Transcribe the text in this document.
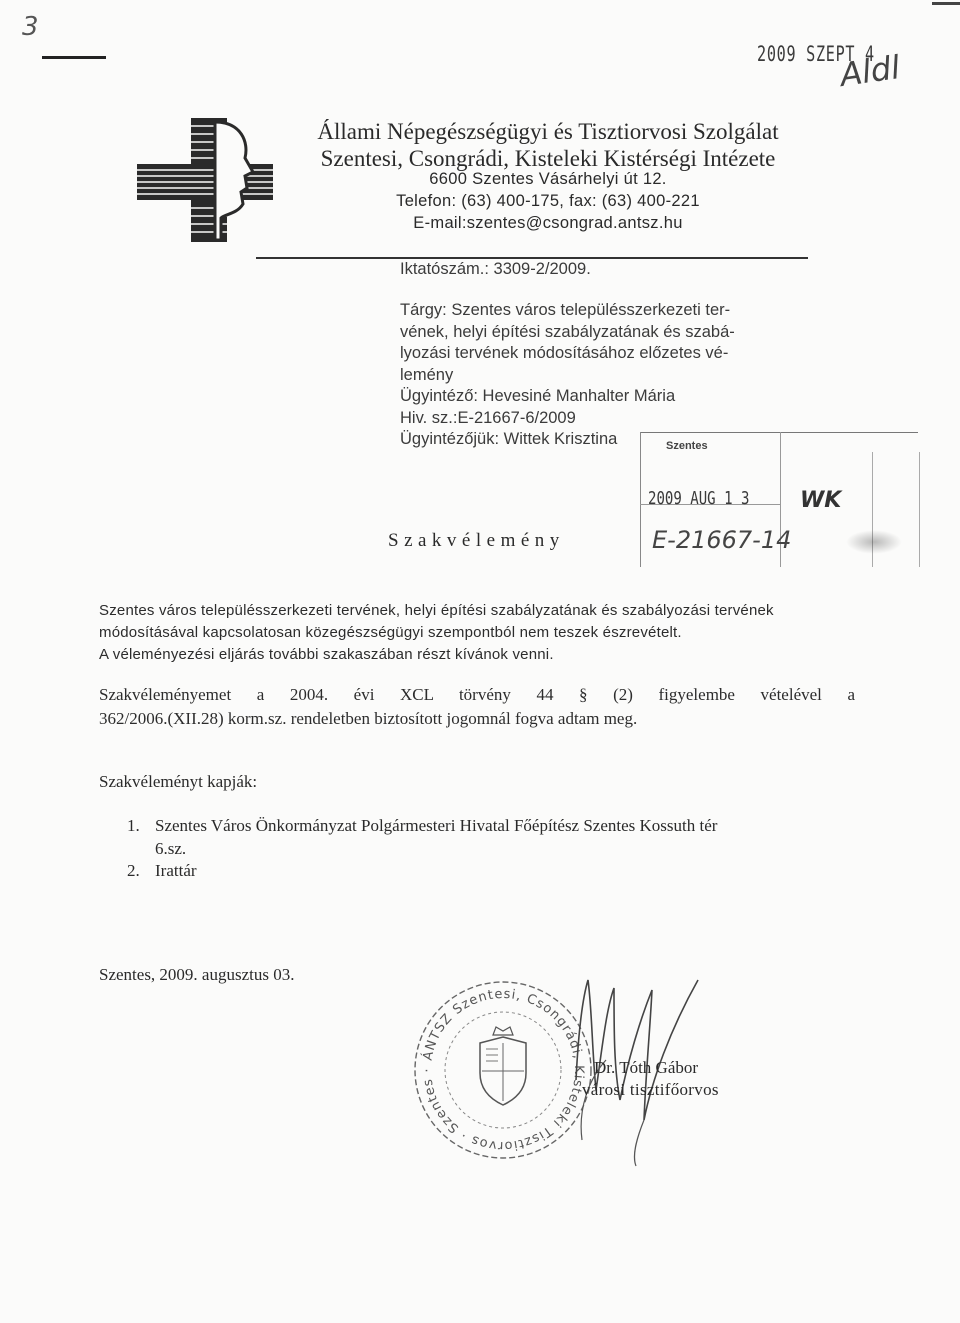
3
2009 SZEPT 4
Aldl
Állami Népegészségügyi és Tisztiorvosi Szolgálat
Szentesi, Csongrádi, Kisteleki Kistérségi Intézete
6600 Szentes Vásárhelyi út 12.
Telefon: (63) 400-175, fax: (63) 400-221
E-mail:szentes@csongrad.antsz.hu
Iktatószám.: 3309-2/2009.
Tárgy: Szentes város településszerkezeti ter-
vének, helyi építési szabályzatának és szabá-
lyozási tervének módosításához előzetes vé-
lemény
Ügyintéző: Hevesiné Manhalter Mária
Hiv. sz.:E-21667-6/2009
Ügyintézőjük: Wittek Krisztina	Szentes
2009 AUG 1 3
E-21667-14
WK
Szakvélemény
Szentes város településszerkezeti tervének, helyi építési szabályzatának és szabályozási tervének
módosításával kapcsolatosan közegészségügyi szempontból nem teszek észrevételt.
A véleményezési eljárás további szakaszában részt kívánok venni.
Szakvéleményemet a 2004. évi XCL törvény 44 § (2) figyelembe vételével a
362/2006.(XII.28) korm.sz. rendeletben biztosított jogomnál fogva adtam meg.
Szakvéleményt kapják:
1. Szentes Város Önkormányzat Polgármesteri Hivatal Főépítész Szentes Kossuth tér
6.sz.
2. Irattár
Szentes, 2009. augusztus 03.
ÁNTSZ Szentesi, Csongrádi, Kisteleki Tisztiorvos · Szentes ·	Dr. Tóth Gábor
városi tisztifőorvos
